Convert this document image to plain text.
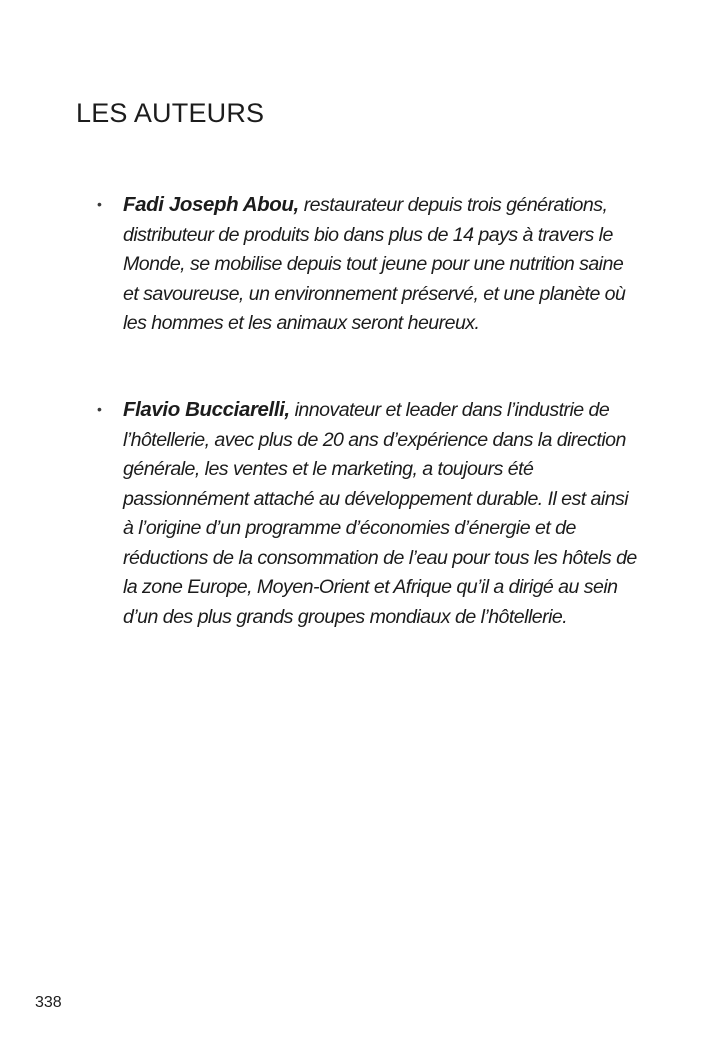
LES AUTEURS
•	Fadi Joseph Abou, restaurateur depuis trois générations, distributeur de produits bio dans plus de 14 pays à travers le Monde, se mobilise depuis tout jeune pour une nutrition saine et savoureuse, un environnement préservé, et une planète où les hommes et les animaux seront heureux.

•	Flavio Bucciarelli, innovateur et leader dans l’industrie de l’hôtellerie, avec plus de 20 ans d’expérience dans la direction générale, les ventes et le marketing, a toujours été passionnément attaché au développement durable. Il est ainsi à l’origine d’un programme d’économies d’énergie et de réductions de la consommation de l’eau pour tous les hôtels de la zone Europe, Moyen-Orient et Afrique qu’il a dirigé au sein d’un des plus grands groupes mondiaux de l’hôtellerie.

338
